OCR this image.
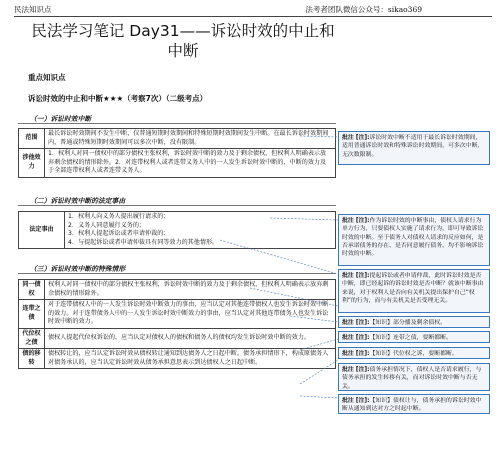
民法知识点	法考者团队微信公众号：sikao369
民法学习笔记 Day31——诉讼时效的中止和中断
重点知识点
诉讼时效的中止和中断★★★（考察7次）（二级考点）
（一）诉讼时效中断
范围	最长诉讼时效期间不发生中断，仅普通短期时效期间和特殊短期时效期间发生中断。在最长诉讼时效期间内，普通或特殊短期时效期间可以多次中断，没有限制。
涉他效力	1．权利人对同一债权中的部分债权主张权利，诉讼时效中断的效力及于剩余债权，但权利人明确表示放弃剩余债权的情形除外。2．对连带权利人或者连带义务人中的一人发生诉讼时效中断的，中断的效力及于全部连带权利人或者连带义务人。
（二）诉讼时效中断的法定事由
法定事由	
1．权利人向义务人提出履行请求的；
2．义务人同意履行义务的；
3．权利人提起诉讼或者申请仲裁的；
4．与提起诉讼或者申请仲裁具有同等效力的其他情形。
（三）诉讼时效中断的特殊情形
同一债权	权利人对同一债权中的部分债权主张权利，诉讼时效中断的效力及于剩余债权，但权利人明确表示放弃剩余债权的情形除外。
连带之债	对于连带债权人中的一人发生诉讼时效中断效力的事由，应当认定对其他连带债权人也发生诉讼时效中断的效力。对于连带债务人中的一人发生诉讼时效中断效力的事由，应当认定对其他连带债务人也发生诉讼时效中断的效力。
代位权之债	债权人提起代位权诉讼的，应当认定对债权人的债权和债务人的债权均发生诉讼时效中断的效力。
债的移转	债权转让的，应当认定诉讼时效从债权转让通知到达债务人之日起中断。债务承担情形下，构成原债务人对债务承认的，应当认定诉讼时效从债务承担意思表示到达债权人之日起中断。
批注 [注]:诉讼时效中断不适用于最长诉讼时效期间，适用普通诉讼时效和特殊诉讼时效期间，可多次中断，无次数限制。
批注 [注]:作为诉讼时效的中断事由，债权人请求行为单方行为，只要债权人实施了请求行为，即可导致诉讼时效的中断。至于债务人对债权人请求的反应如何，是否承诺债务的存在、是否同意履行债务，均不影响诉讼时效的中断。
批注 [注]:提起诉讼或者申请仲裁，此时诉讼时效是否中断，即已经起诉的诉讼时效是否中断？就该中断事由来说，对于权利人是否向有关机关提出保护自己“权利”的行为，而与有关机关是否受理无关。
批注 [注]:【知识】部分播及剩余债权。
批注 [注]:【知识】连带之债，要断都断。
批注 [注]:【知识】代位权之诉，要断都断。
批注 [注]:债务承担情况下，债权人是否请求履行，与债务承担的发生转移有关，而对诉讼时效中断与否无关。
批注 [注]:【知识】债权让与，债务承担的诉讼时效中断从通知到达对方之时起中断。
